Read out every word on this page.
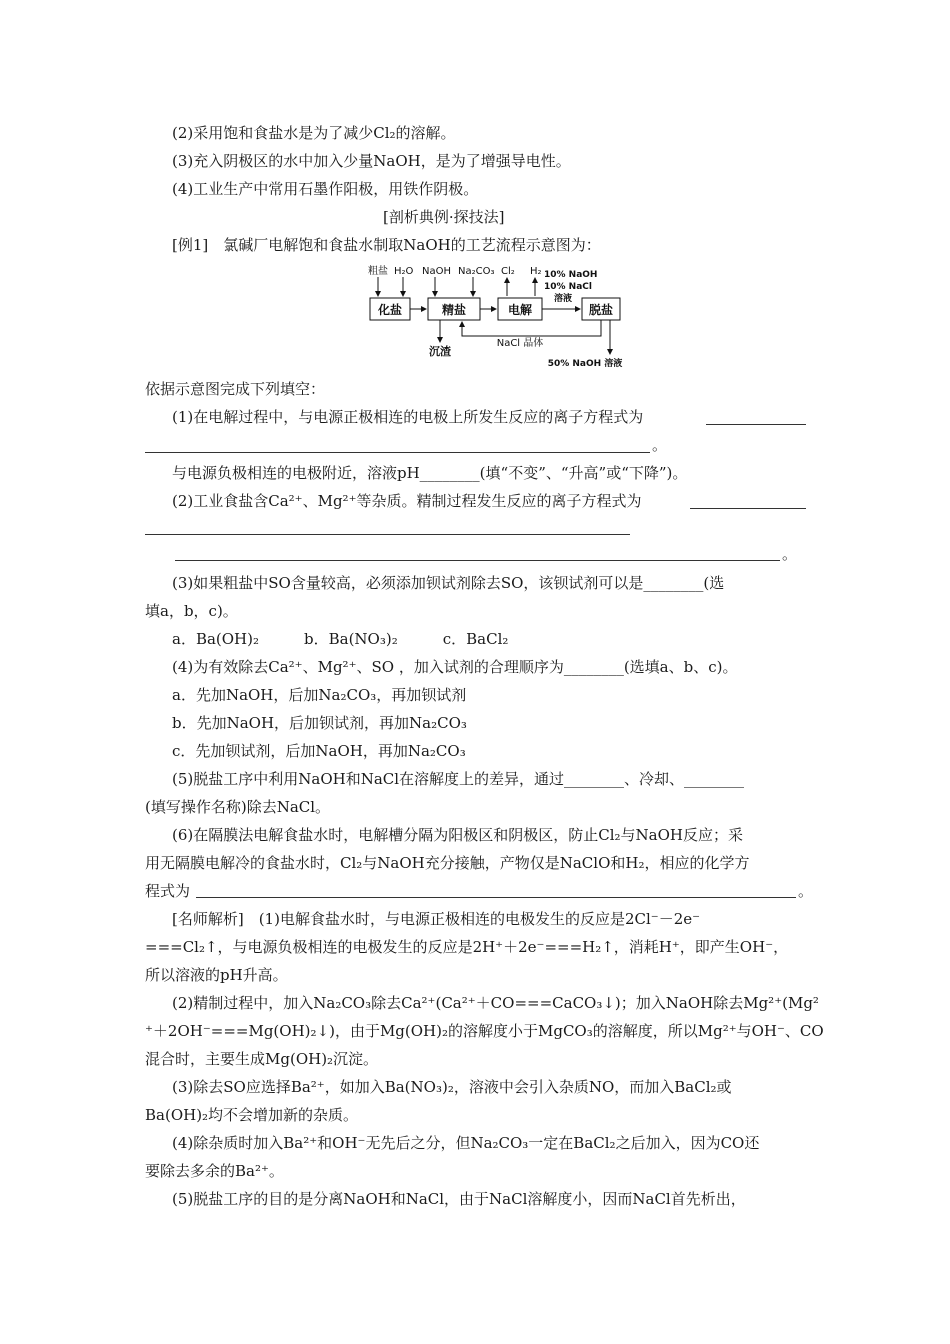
(2)采用饱和食盐水是为了减少Cl₂的溶解。
(3)充入阴极区的水中加入少量NaOH，是为了增强导电性。
(4)工业生产中常用石墨作阳极，用铁作阴极。
[剖析典例·探技法]
[例1]　氯碱厂电解饱和食盐水制取NaOH的工艺流程示意图为：
粗盐 H₂O NaOH Na₂CO₃ Cl₂ H₂ 10% NaOH
10% NaCl
溶液
化盐	精盐	电解	脱盐
NaCl 晶体
沉渣
50% NaOH 溶液
依据示意图完成下列填空：
(1)在电解过程中，与电源正极相连的电极上所发生反应的离子方程式为
。
与电源负极相连的电极附近，溶液pH________(填“不变”、“升高”或“下降”)。
(2)工业食盐含Ca²⁺、Mg²⁺等杂质。精制过程发生反应的离子方程式为
。
(3)如果粗盐中SO含量较高，必须添加钡试剂除去SO，该钡试剂可以是________(选
填a，b，c)。
a．Ba(OH)₂　　　b．Ba(NO₃)₂　　　c．BaCl₂
(4)为有效除去Ca²⁺、Mg²⁺、SO ，加入试剂的合理顺序为________(选填a、b、c)。
a．先加NaOH，后加Na₂CO₃，再加钡试剂
b．先加NaOH，后加钡试剂，再加Na₂CO₃
c．先加钡试剂，后加NaOH，再加Na₂CO₃
(5)脱盐工序中利用NaOH和NaCl在溶解度上的差异，通过________、冷却、________
(填写操作名称)除去NaCl。
(6)在隔膜法电解食盐水时，电解槽分隔为阳极区和阴极区，防止Cl₂与NaOH反应；采
用无隔膜电解冷的食盐水时，Cl₂与NaOH充分接触，产物仅是NaClO和H₂，相应的化学方
程式为	。
[名师解析]　(1)电解食盐水时，与电源正极相连的电极发生的反应是2Cl⁻－2e⁻
===Cl₂↑，与电源负极相连的电极发生的反应是2H⁺＋2e⁻===H₂↑，消耗H⁺，即产生OH⁻，
所以溶液的pH升高。
(2)精制过程中，加入Na₂CO₃除去Ca²⁺(Ca²⁺＋CO===CaCO₃↓)；加入NaOH除去Mg²⁺(Mg²
⁺＋2OH⁻===Mg(OH)₂↓)，由于Mg(OH)₂的溶解度小于MgCO₃的溶解度，所以Mg²⁺与OH⁻、CO
混合时，主要生成Mg(OH)₂沉淀。
(3)除去SO应选择Ba²⁺，如加入Ba(NO₃)₂，溶液中会引入杂质NO，而加入BaCl₂或
Ba(OH)₂均不会增加新的杂质。
(4)除杂质时加入Ba²⁺和OH⁻无先后之分，但Na₂CO₃一定在BaCl₂之后加入，因为CO还
要除去多余的Ba²⁺。
(5)脱盐工序的目的是分离NaOH和NaCl，由于NaCl溶解度小，因而NaCl首先析出，
